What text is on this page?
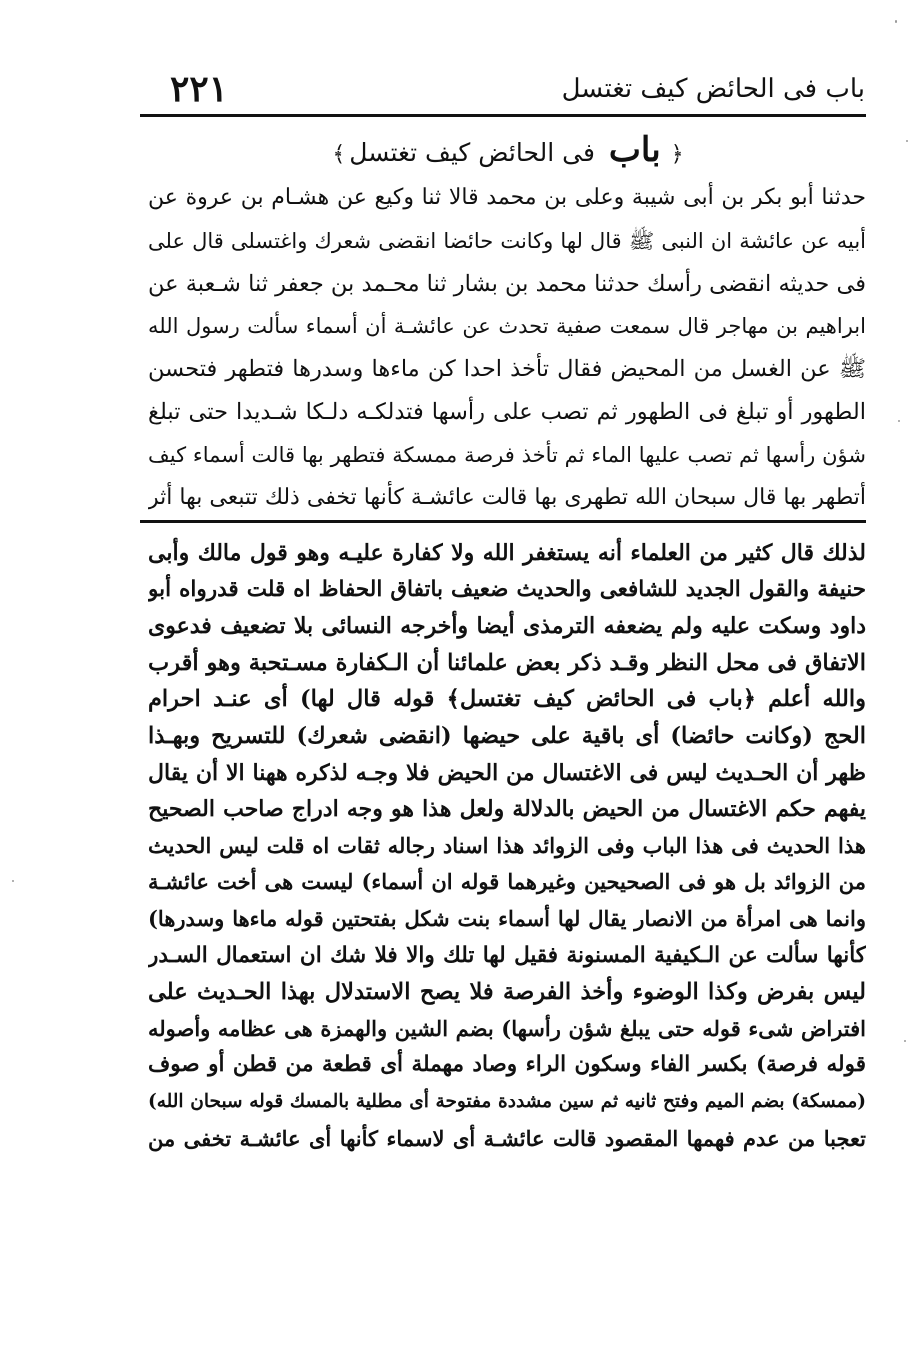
باب فى الحائض كيف تغتسل
٢٢١
﴿باب فى الحائض كيف تغتسل﴾
حدثنا أبو بكر بن أبى شيبة وعلى بن محمد قالا ثنا وكيع عن هشـام بن عروة عن
أبيه عن عائشة ان النبى ﷺ قال لها وكانت حائضا انقضى شعرك واغتسلى قال على
فى حديثه انقضى رأسك حدثنا محمد بن بشار ثنا محـمد بن جعفر ثنا شـعبة عن
ابراهيم بن مهاجر قال سمعت صفية تحدث عن عائشـة أن أسماء سألت رسول الله
ﷺ عن الغسل من المحيض فقال تأخذ احدا كن ماءها وسدرها فتطهر فتحسن
الطهور أو تبلغ فى الطهور ثم تصب على رأسها فتدلكـه دلـكا شـديدا حتى تبلغ
شؤن رأسها ثم تصب عليها الماء ثم تأخذ فرصة ممسكة فتطهر بها قالت أسماء كيف
أتطهر بها قال سبحان الله تطهرى بها قالت عائشـة كأنها تخفى ذلك تتبعى بها أثر
لذلك قال كثير من العلماء أنه يستغفر الله ولا كفارة عليـه وهو قول مالك وأبى
حنيفة والقول الجديد للشافعى والحديث ضعيف باتفاق الحفاظ اه قلت قدرواه أبو
داود وسكت عليه ولم يضعفه الترمذى أيضا وأخرجه النسائى بلا تضعيف فدعوى
الاتفاق فى محل النظر وقـد ذكر بعض علمائنا أن الـكفارة مسـتحبة وهو أقرب
والله أعلم ﴿باب فى الحائض كيف تغتسل﴾ قوله قال لها) أى عنـد احرام
الحج (وكانت حائضا) أى باقية على حيضها (انقضى شعرك) للتسريح وبهـذا
ظهر أن الحـديث ليس فى الاغتسال من الحيض فلا وجـه لذكره ههنا الا أن يقال
يفهم حكم الاغتسال من الحيض بالدلالة ولعل هذا هو وجه ادراج صاحب الصحيح
هذا الحديث فى هذا الباب وفى الزوائد هذا اسناد رجاله ثقات اه قلت ليس الحديث
من الزوائد بل هو فى الصحيحين وغيرهما قوله ان أسماء) ليست هى أخت عائشـة
وانما هى امرأة من الانصار يقال لها أسماء بنت شكل بفتحتين قوله ماءها وسدرها)
كأنها سألت عن الـكيفية المسنونة فقيل لها تلك والا فلا شك ان استعمال السـدر
ليس بفرض وكذا الوضوء وأخذ الفرصة فلا يصح الاستدلال بهذا الحـديث على
افتراض شىء قوله حتى يبلغ شؤن رأسها) بضم الشين والهمزة هى عظامه وأصوله
قوله فرصة) بكسر الفاء وسكون الراء وصاد مهملة أى قطعة من قطن أو صوف
(ممسكة) بضم الميم وفتح ثانيه ثم سين مشددة مفتوحة أى مطلية بالمسك قوله سبحان الله)
تعجبا من عدم فهمها المقصود قالت عائشـة أى لاسماء كأنها أى عائشـة تخفى من
